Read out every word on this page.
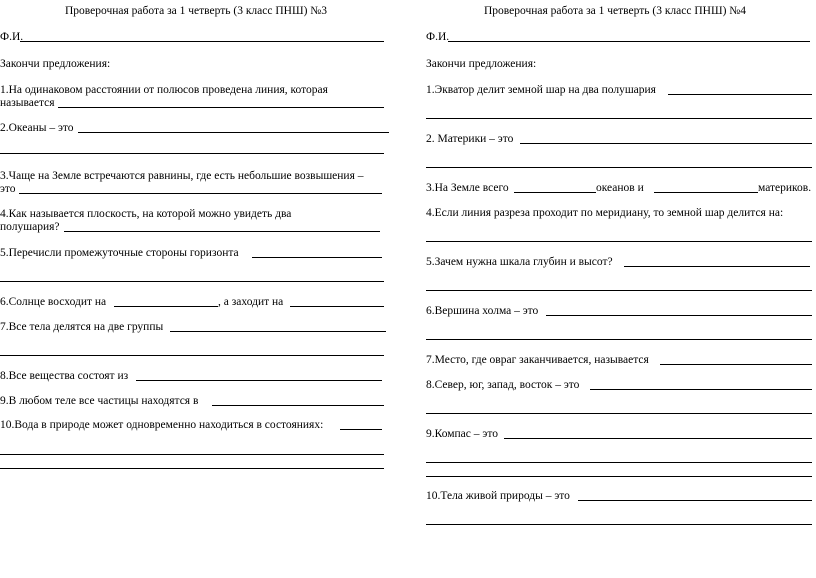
Проверочная работа за 1 четверть (3 класс ПНШ) №3
Ф.И.
Закончи предложения:
1.На одинаковом расстоянии от полюсов проведена линия, которая
называется
2.Океаны – это
3.Чаще на Земле встречаются равнины, где есть небольшие возвышения –
это
4.Как называется плоскость, на которой можно увидеть два
полушария?
5.Перечисли промежуточные стороны горизонта
6.Солнце восходит на	, а заходит на
7.Все тела делятся на две группы
8.Все вещества состоят из
9.В любом теле все частицы находятся в
10.Вода в природе может одновременно находиться в состояниях:
Проверочная работа за 1 четверть (3 класс ПНШ) №4
Ф.И.
Закончи предложения:
1.Экватор делит земной шар на два полушария
2. Материки – это
3.На Земле всего	океанов и	материков.
4.Если линия разреза проходит по меридиану, то земной шар делится на:
5.Зачем нужна шкала глубин и высот?
6.Вершина холма – это
7.Место, где овраг заканчивается, называется
8.Север, юг, запад, восток – это
9.Компас – это
10.Тела живой природы – это
